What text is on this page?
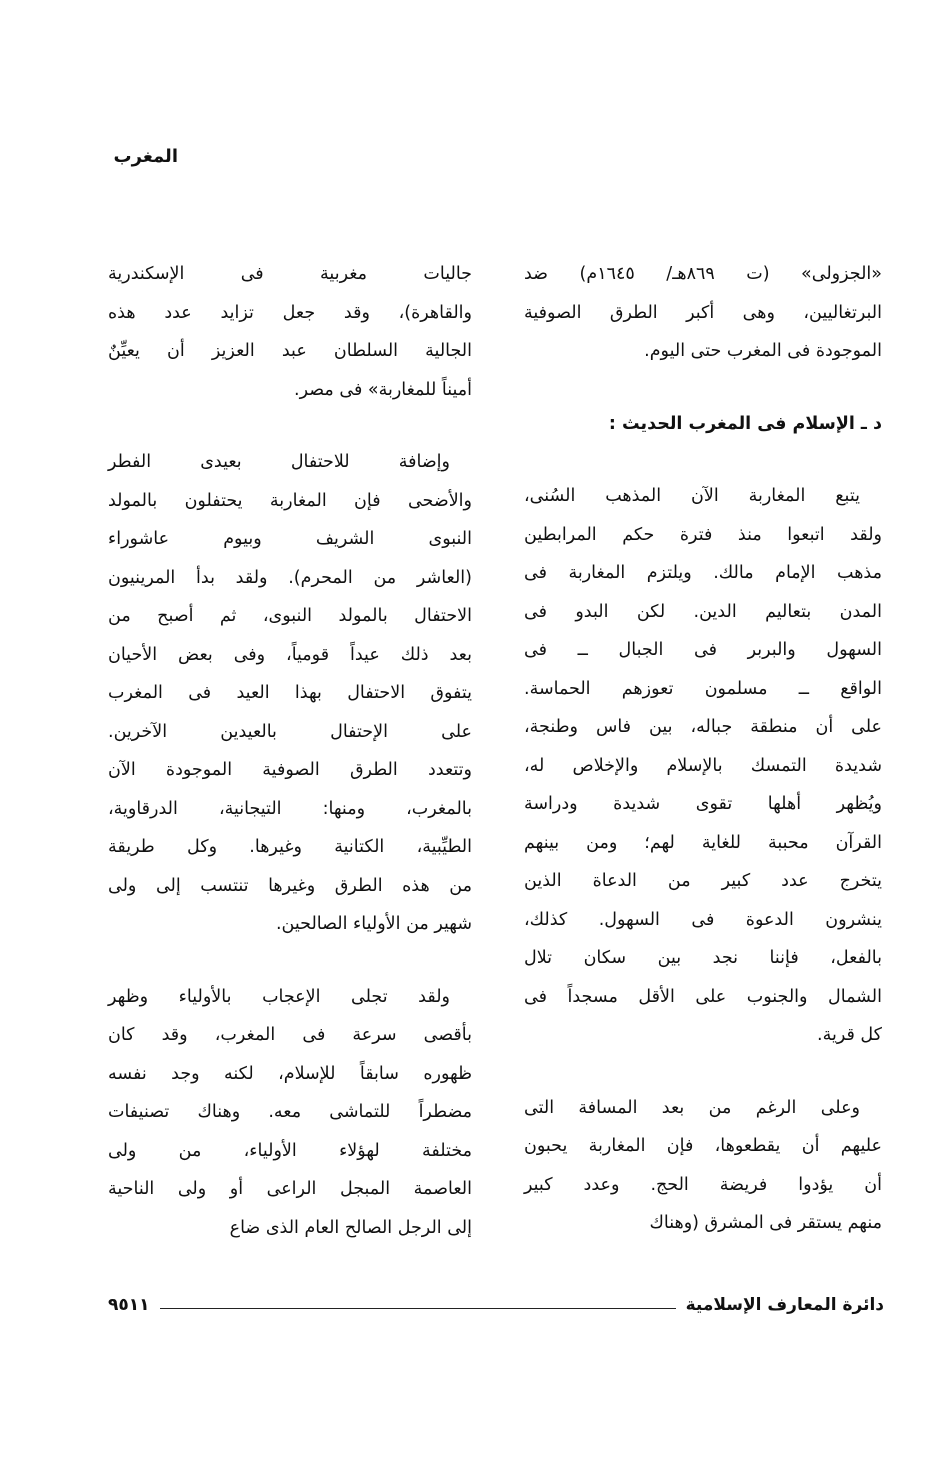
المغرب
«الجزولى» (ت ٨٦٩هـ/ ١٦٤٥م) ضد
البرتغاليين، وهى أكبر الطرق الصوفية
الموجودة فى المغرب حتى اليوم.
د ـ الإسلام فى المغرب الحديث :
يتبع المغاربة الآن المذهب السُنى،
ولقد اتبعوا منذ فترة حكم المرابطين
مذهب الإمام مالك. ويلتزم المغاربة فى
المدن بتعاليم الدين. لكن البدو فى
السهول والبربر فى الجبال ــ فى
الواقع ــ مسلمون تعوزهم الحماسة.
على أن منطقة جباله، بين فاس وطنجة،
شديدة التمسك بالإسلام والإخلاص له،
ويُظهر أهلها تقوى شديدة ودراسة
القرآن محببة للغاية لهم؛ ومن بينهم
يتخرج عدد كبير من الدعاة الذين
ينشرون الدعوة فى السهول. كذلك،
بالفعل، فإننا نجد بين سكان تلال
الشمال والجنوب على الأقل مسجداً فى
كل قرية.
وعلى الرغم من بعد المسافة التى
عليهم أن يقطعوها، فإن المغاربة يحبون
أن يؤدوا فريضة الحج. وعدد كبير
منهم يستقر فى المشرق (وهناك
جاليات مغربية فى الإسكندرية
والقاهرة)، وقد جعل تزايد عدد هذه
الجالية السلطان عبد العزيز أن يعيِّنٌ
أميناً للمغاربة» فى مصر.
وإضافة للاحتفال بعيدى الفطر
والأضحى فإن المغاربة يحتفلون بالمولد
النبوى الشريف وبيوم عاشوراء
(العاشر من المحرم). ولقد بدأ المرينيون
الاحتفال بالمولد النبوى، ثم أصبح من
بعد ذلك عيداً قومياً، وفى بعض الأحيان
يتفوق الاحتفال بهذا العيد فى المغرب
على الإحتفال بالعيدين الآخرين.
وتتعدد الطرق الصوفية الموجودة الآن
بالمغرب، ومنها: التيجانية، الدرقاوية،
الطيِّبية، الكتانية وغيرها. وكل طريقة
من هذه الطرق وغيرها تنتسب إلى ولى
شهير من الأولياء الصالحين.
ولقد تجلى الإعجاب بالأولياء وظهر
بأقصى سرعة فى المغرب، وقد كان
ظهوره سابقاً للإسلام، لكنه وجد نفسه
مضطراً للتماشى معه. وهناك تصنيفات
مختلفة لهؤلاء الأولياء، من ولى
العاصمة المبجل الراعى أو ولى الناحية
إلى الرجل الصالح العام الذى ضاع
دائرة المعارف الإسلامية
٩٥١١
